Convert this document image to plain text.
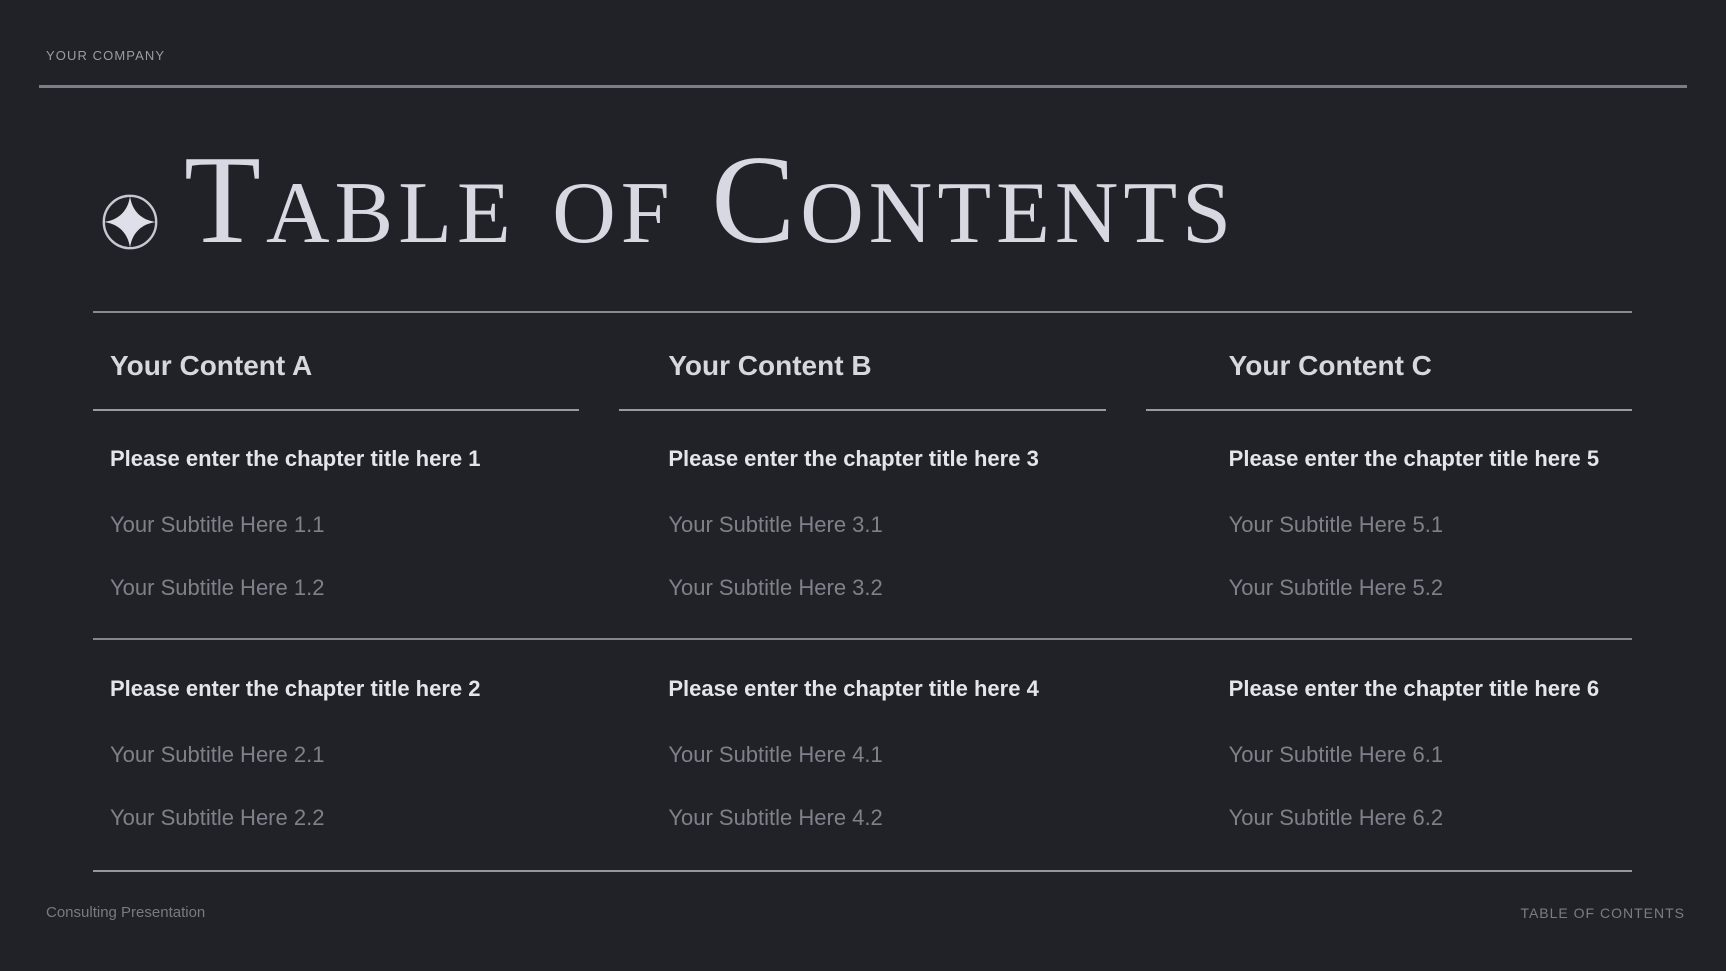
YOUR COMPANY
Table of Contents
Your Content A
Please enter the chapter title here 1
Your Subtitle Here 1.1
Your Subtitle Here 1.2
Please enter the chapter title here 2
Your Subtitle Here 2.1
Your Subtitle Here 2.2
Your Content B
Please enter the chapter title here 3
Your Subtitle Here 3.1
Your Subtitle Here 3.2
Please enter the chapter title here 4
Your Subtitle Here 4.1
Your Subtitle Here 4.2
Your Content C
Please enter the chapter title here 5
Your Subtitle Here 5.1
Your Subtitle Here 5.2
Please enter the chapter title here 6
Your Subtitle Here 6.1
Your Subtitle Here 6.2
Consulting Presentation	TABLE OF CONTENTS
